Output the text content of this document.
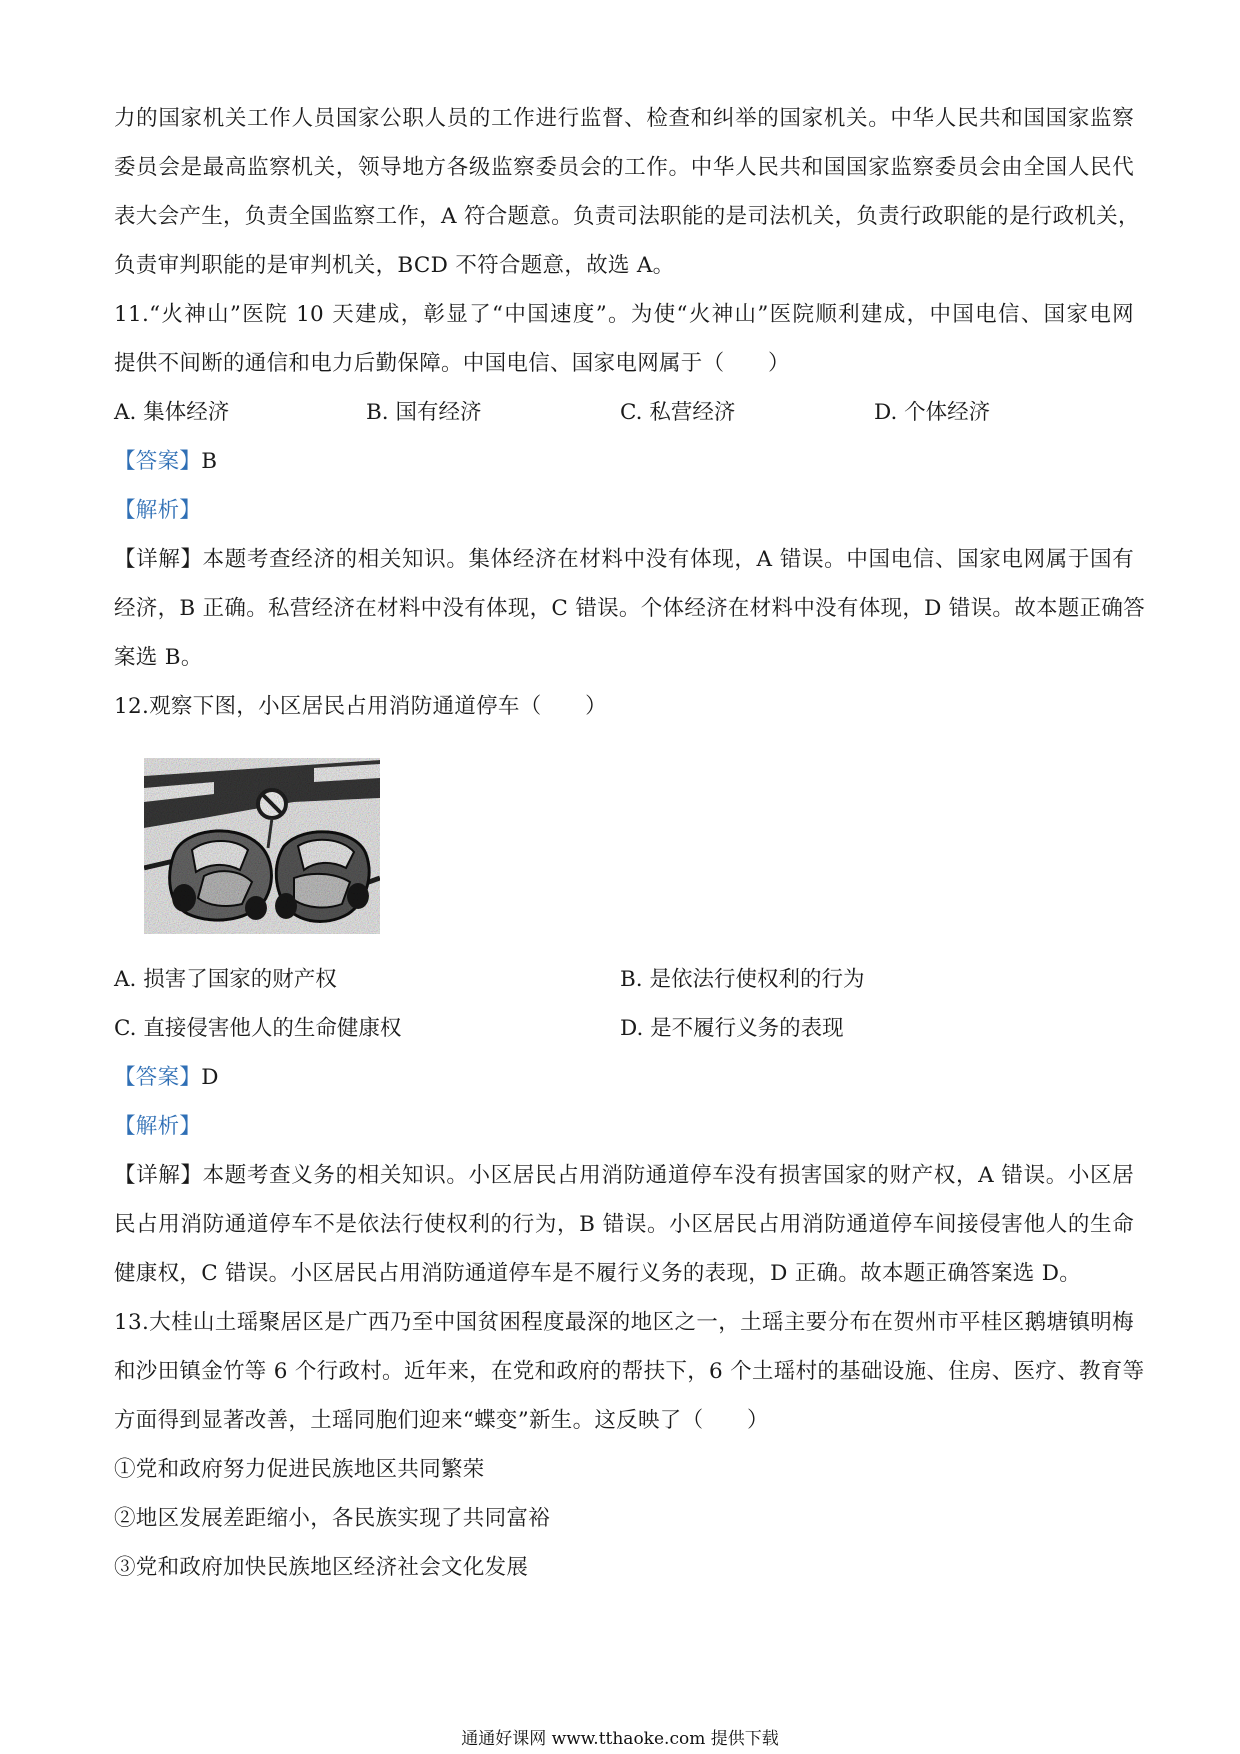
力的国家机关工作人员国家公职人员的工作进行监督、检查和纠举的国家机关。中华人民共和国国家监察
委员会是最高监察机关，领导地方各级监察委员会的工作。中华人民共和国国家监察委员会由全国人民代
表大会产生，负责全国监察工作，A 符合题意。负责司法职能的是司法机关，负责行政职能的是行政机关，
负责审判职能的是审判机关，BCD 不符合题意，故选 A。
11.“火神山”医院 10 天建成，彰显了“中国速度”。为使“火神山”医院顺利建成，中国电信、国家电网
提供不间断的通信和电力后勤保障。中国电信、国家电网属于（　　）
A. 集体经济	B. 国有经济	C. 私营经济	D. 个体经济
【答案】B
【解析】
【详解】本题考查经济的相关知识。集体经济在材料中没有体现，A 错误。中国电信、国家电网属于国有
经济，B 正确。私营经济在材料中没有体现，C 错误。个体经济在材料中没有体现，D 错误。故本题正确答
案选 B。
12.观察下图，小区居民占用消防通道停车（　　）
A. 损害了国家的财产权	B. 是依法行使权利的行为
C. 直接侵害他人的生命健康权	D. 是不履行义务的表现
【答案】D
【解析】
【详解】本题考查义务的相关知识。小区居民占用消防通道停车没有损害国家的财产权，A 错误。小区居
民占用消防通道停车不是依法行使权利的行为，B 错误。小区居民占用消防通道停车间接侵害他人的生命
健康权，C 错误。小区居民占用消防通道停车是不履行义务的表现，D 正确。故本题正确答案选 D。
13.大桂山土瑶聚居区是广西乃至中国贫困程度最深的地区之一，土瑶主要分布在贺州市平桂区鹅塘镇明梅
和沙田镇金竹等 6 个行政村。近年来，在党和政府的帮扶下，6 个土瑶村的基础设施、住房、医疗、教育等
方面得到显著改善，土瑶同胞们迎来“蝶变”新生。这反映了（　　）
①党和政府努力促进民族地区共同繁荣
②地区发展差距缩小，各民族实现了共同富裕
③党和政府加快民族地区经济社会文化发展
通通好课网 www.tthaoke.com 提供下载
